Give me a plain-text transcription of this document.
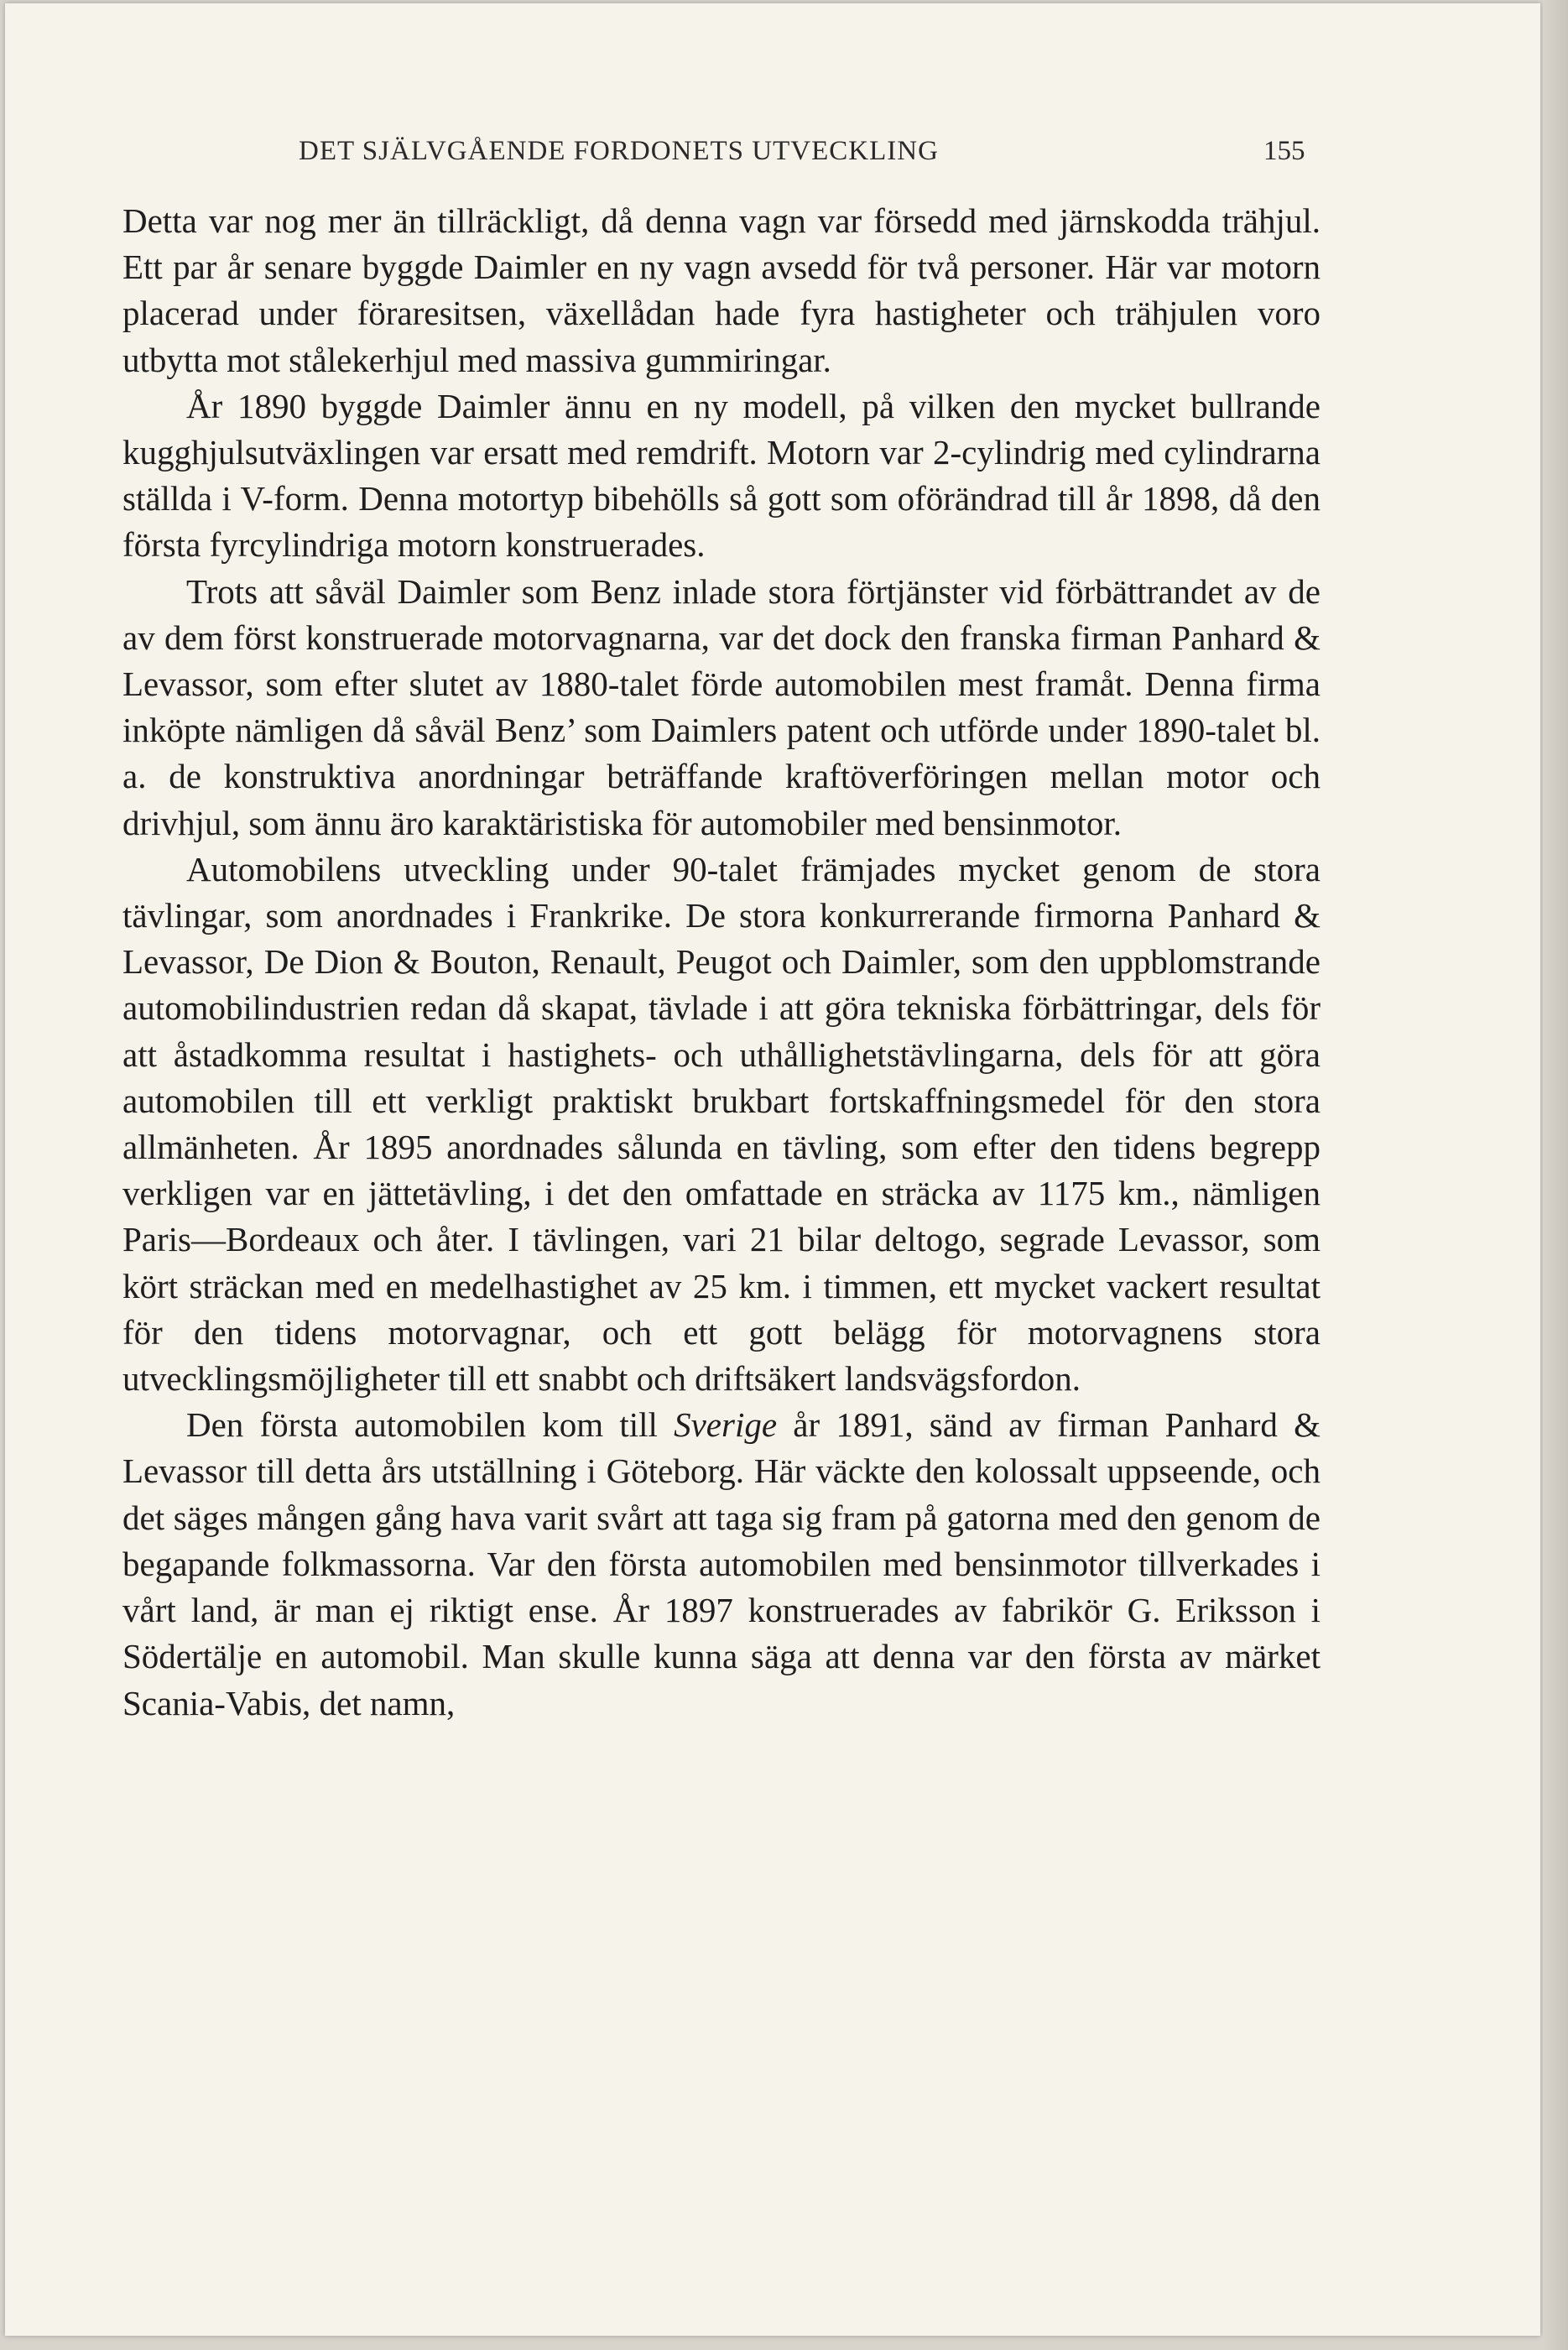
DET SJÄLVGÅENDE FORDONETS UTVECKLING	155

Detta var nog mer än tillräckligt, då denna vagn var försedd med järnskodda trähjul. Ett par år senare byggde Daimler en ny vagn avsedd för två personer. Här var motorn placerad under föraresitsen, växellådan hade fyra hastigheter och trähjulen voro utbytta mot stålekerhjul med massiva gummiringar.

År 1890 byggde Daimler ännu en ny modell, på vilken den mycket bullrande kugghjulsutväxlingen var ersatt med remdrift. Motorn var 2-cylindrig med cylindrarna ställda i V-form. Denna motortyp bibehölls så gott som oförändrad till år 1898, då den första fyrcylindriga motorn konstruerades.

Trots att såväl Daimler som Benz inlade stora förtjänster vid förbättrandet av de av dem först konstruerade motorvagnarna, var det dock den franska firman Panhard & Levassor, som efter slutet av 1880-talet förde automobilen mest framåt. Denna firma inköpte nämligen då såväl Benz’ som Daimlers patent och utförde under 1890-talet bl. a. de konstruktiva anordningar beträffande kraftöverföringen mellan motor och drivhjul, som ännu äro karaktäristiska för automobiler med bensinmotor.

Automobilens utveckling under 90-talet främjades mycket genom de stora tävlingar, som anordnades i Frankrike. De stora konkurrerande firmorna Panhard & Levassor, De Dion & Bouton, Renault, Peugot och Daimler, som den uppblomstrande automobilindustrien redan då skapat, tävlade i att göra tekniska förbättringar, dels för att åstadkomma resultat i hastighets- och uthållighetstävlingarna, dels för att göra automobilen till ett verkligt praktiskt brukbart fortskaffningsmedel för den stora allmänheten. År 1895 anordnades sålunda en tävling, som efter den tidens begrepp verkligen var en jättetävling, i det den omfattade en sträcka av 1175 km., nämligen Paris—Bordeaux och åter. I tävlingen, vari 21 bilar deltogo, segrade Levassor, som kört sträckan med en medelhastighet av 25 km. i timmen, ett mycket vackert resultat för den tidens motorvagnar, och ett gott belägg för motorvagnens stora utvecklingsmöjligheter till ett snabbt och driftsäkert landsvägsfordon.

Den första automobilen kom till Sverige år 1891, sänd av firman Panhard & Levassor till detta års utställning i Göteborg. Här väckte den kolossalt uppseende, och det säges mången gång hava varit svårt att taga sig fram på gatorna med den genom de begapande folkmassorna. Var den första automobilen med bensinmotor tillverkades i vårt land, är man ej riktigt ense. År 1897 konstruerades av fabrikör G. Eriksson i Södertälje en automobil. Man skulle kunna säga att denna var den första av märket Scania-Vabis, det namn,
